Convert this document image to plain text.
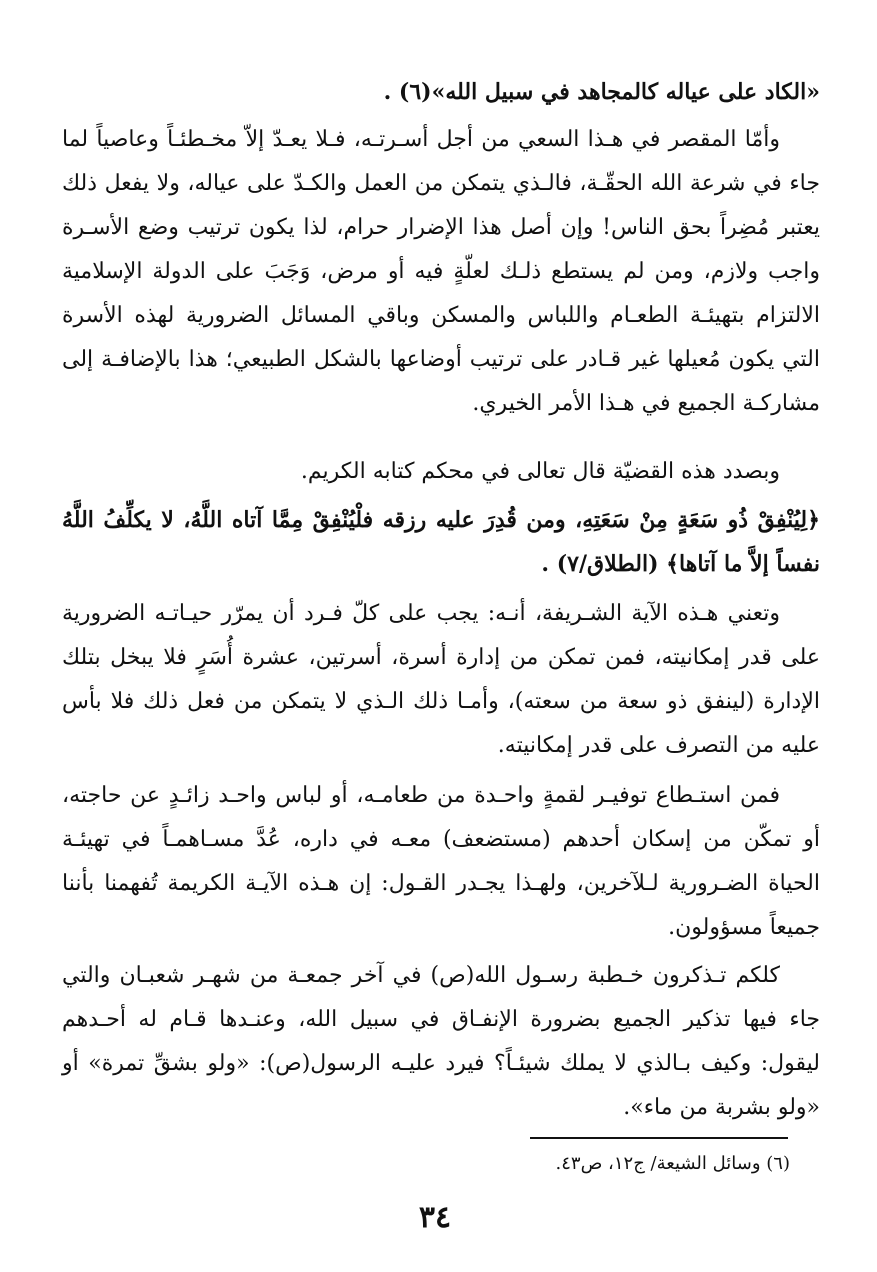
«الكاد على عياله كالمجاهد في سبيل الله»(٦) .

وأمّا المقصر في هـذا السعي من أجل أسـرتـه، فـلا يعـدّ إلاّ مخـطئـاً وعاصياً لما جاء في شرعة الله الحقّـة، فالـذي يتمكن من العمل والكـدّ على عياله، ولا يفعل ذلك يعتبر مُضِراً بحق الناس! وإن أصل هذا الإضرار حرام، لذا يكون ترتيب وضع الأسـرة واجب ولازم، ومن لم يستطع ذلـك لعلّةٍ فيه أو مرض، وَجَبَ على الدولة الإسلامية الالتزام بتهيئـة الطعـام واللباس والمسكن وباقي المسائل الضرورية لهذه الأسرة التي يكون مُعيلها غير قـادر على ترتيب أوضاعها بالشكل الطبيعي؛ هذا بالإضافـة إلى مشاركـة الجميع في هـذا الأمر الخيري.

وبصدد هذه القضيّة قال تعالى في محكم كتابه الكريم.

﴿لِيُنْفِقْ ذُو سَعَةٍ مِنْ سَعَتِهِ، ومن قُدِرَ عليه رزقه فلْيُنْفِقْ مِمَّا آتاه اللَّهُ، لا يكلِّفُ اللَّهُ نفساً إلاَّ ما آتاها﴾ (الطلاق/٧) .

وتعني هـذه الآية الشـريفة، أنـه: يجب على كلّ فـرد أن يمرّر حيـاتـه الضرورية على قدر إمكانيته، فمن تمكن من إدارة أسرة، أسرتين، عشرة أُسَرٍ فلا يبخل بتلك الإدارة (لينفق ذو سعة من سعته)، وأمـا ذلك الـذي لا يتمكن من فعل ذلك فلا بأس عليه من التصرف على قدر إمكانيته.

فمن استـطاع توفيـر لقمةٍ واحـدة من طعامـه، أو لباس واحـد زائـدٍ عن حاجته، أو تمكّن من إسكان أحدهم (مستضعف) معـه في داره، عُدَّ مسـاهمـاً في تهيئـة الحياة الضـرورية لـلآخرين، ولهـذا يجـدر القـول: إن هـذه الآيـة الكريمة تُفهمنا بأننا جميعاً مسؤولون.

كلكم تـذكرون خـطبة رسـول الله(ص) في آخر جمعـة من شهـر شعبـان والتي جاء فيها تذكير الجميع بضرورة الإنفـاق في سبيل الله، وعنـدها قـام له أحـدهم ليقول: وكيف بـالذي لا يملك شيئـاً؟ فيرد عليـه الرسول(ص): «ولو بشقِّ تمرة» أو «ولو بشربة من ماء».

(٦) وسائل الشيعة/ ج١٢، ص٤٣.

٣٤
